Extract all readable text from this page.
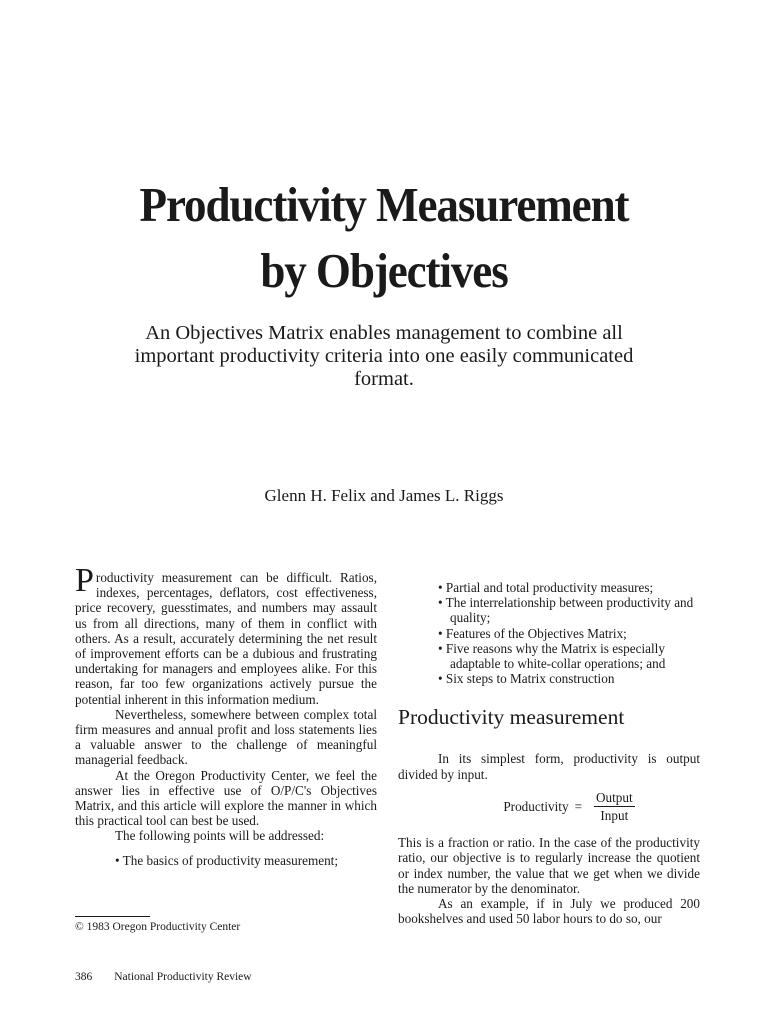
Productivity Measurement
by Objectives
An Objectives Matrix enables management to combine all important productivity criteria into one easily communicated format.
Glenn H. Felix and James L. Riggs

Productivity measurement can be difficult. Ratios, indexes, percentages, deflators, cost effectiveness, price recovery, guesstimates, and numbers may assault us from all directions, many of them in conflict with others. As a result, accurately determining the net result of improvement efforts can be a dubious and frustrating undertaking for managers and employees alike. For this reason, far too few organizations actively pursue the potential inherent in this information medium.

Nevertheless, somewhere between complex total firm measures and annual profit and loss statements lies a valuable answer to the challenge of meaningful managerial feedback.

At the Oregon Productivity Center, we feel the answer lies in effective use of O/P/C's Objectives Matrix, and this article will explore the manner in which this practical tool can best be used.

The following points will be addressed:

• The basics of productivity measurement;
• Partial and total productivity measures;
• The interrelationship between productivity and quality;
• Features of the Objectives Matrix;
• Five reasons why the Matrix is especially adaptable to white-collar operations; and
• Six steps to Matrix construction
Productivity measurement

In its simplest form, productivity is output divided by input.

Productivity = $\frac{\text{Output}}{\text{Input}}$

This is a fraction or ratio. In the case of the productivity ratio, our objective is to regularly increase the quotient or index number, the value that we get when we divide the numerator by the denominator.

As an example, if in July we produced 200 bookshelves and used 50 labor hours to do so, our

© 1983 Oregon Productivity Center
386 National Productivity Review
